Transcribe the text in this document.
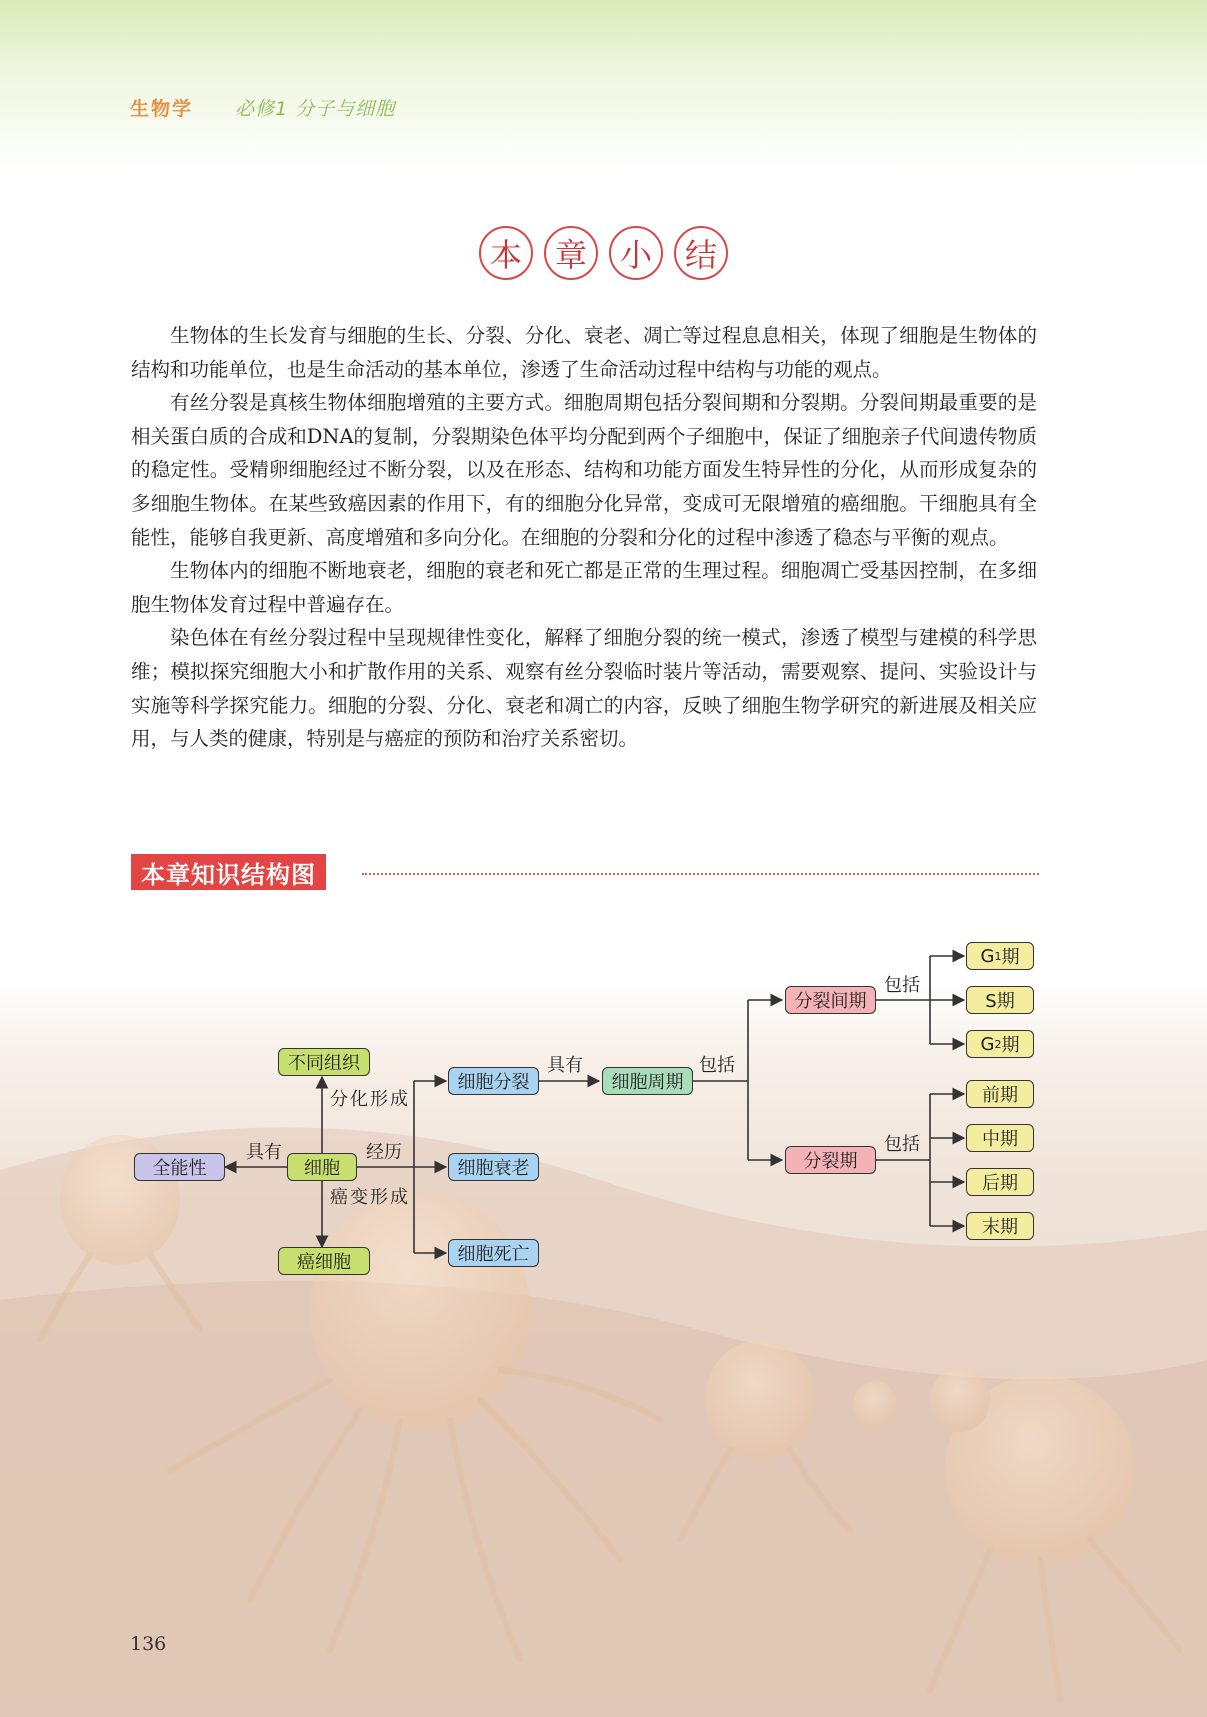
生物学 必修1 分子与细胞
本	章	小	结

生物体的生长发育与细胞的生长、分裂、分化、衰老、凋亡等过程息息相关，体现了细胞是生物体的结构和功能单位，也是生命活动的基本单位，渗透了生命活动过程中结构与功能的观点。

有丝分裂是真核生物体细胞增殖的主要方式。细胞周期包括分裂间期和分裂期。分裂间期最重要的是相关蛋白质的合成和DNA的复制，分裂期染色体平均分配到两个子细胞中，保证了细胞亲子代间遗传物质的稳定性。受精卵细胞经过不断分裂，以及在形态、结构和功能方面发生特异性的分化，从而形成复杂的多细胞生物体。在某些致癌因素的作用下，有的细胞分化异常，变成可无限增殖的癌细胞。干细胞具有全能性，能够自我更新、高度增殖和多向分化。在细胞的分裂和分化的过程中渗透了稳态与平衡的观点。

生物体内的细胞不断地衰老，细胞的衰老和死亡都是正常的生理过程。细胞凋亡受基因控制，在多细胞生物体发育过程中普遍存在。

染色体在有丝分裂过程中呈现规律性变化，解释了细胞分裂的统一模式，渗透了模型与建模的科学思维；模拟探究细胞大小和扩散作用的关系、观察有丝分裂临时装片等活动，需要观察、提问、实验设计与实施等科学探究能力。细胞的分裂、分化、衰老和凋亡的内容，反映了细胞生物学研究的新进展及相关应用，与人类的健康，特别是与癌症的预防和治疗关系密切。

本章知识结构图
全能性	细胞
不同组织
癌细胞
细胞分裂
细胞衰老
细胞死亡
细胞周期
分裂间期
分裂期
G 1 期
S期
G 2 期
前期
中期
后期
末期
具有
分化形成
癌变形成
经历
具有	包括
包括
包括
136
